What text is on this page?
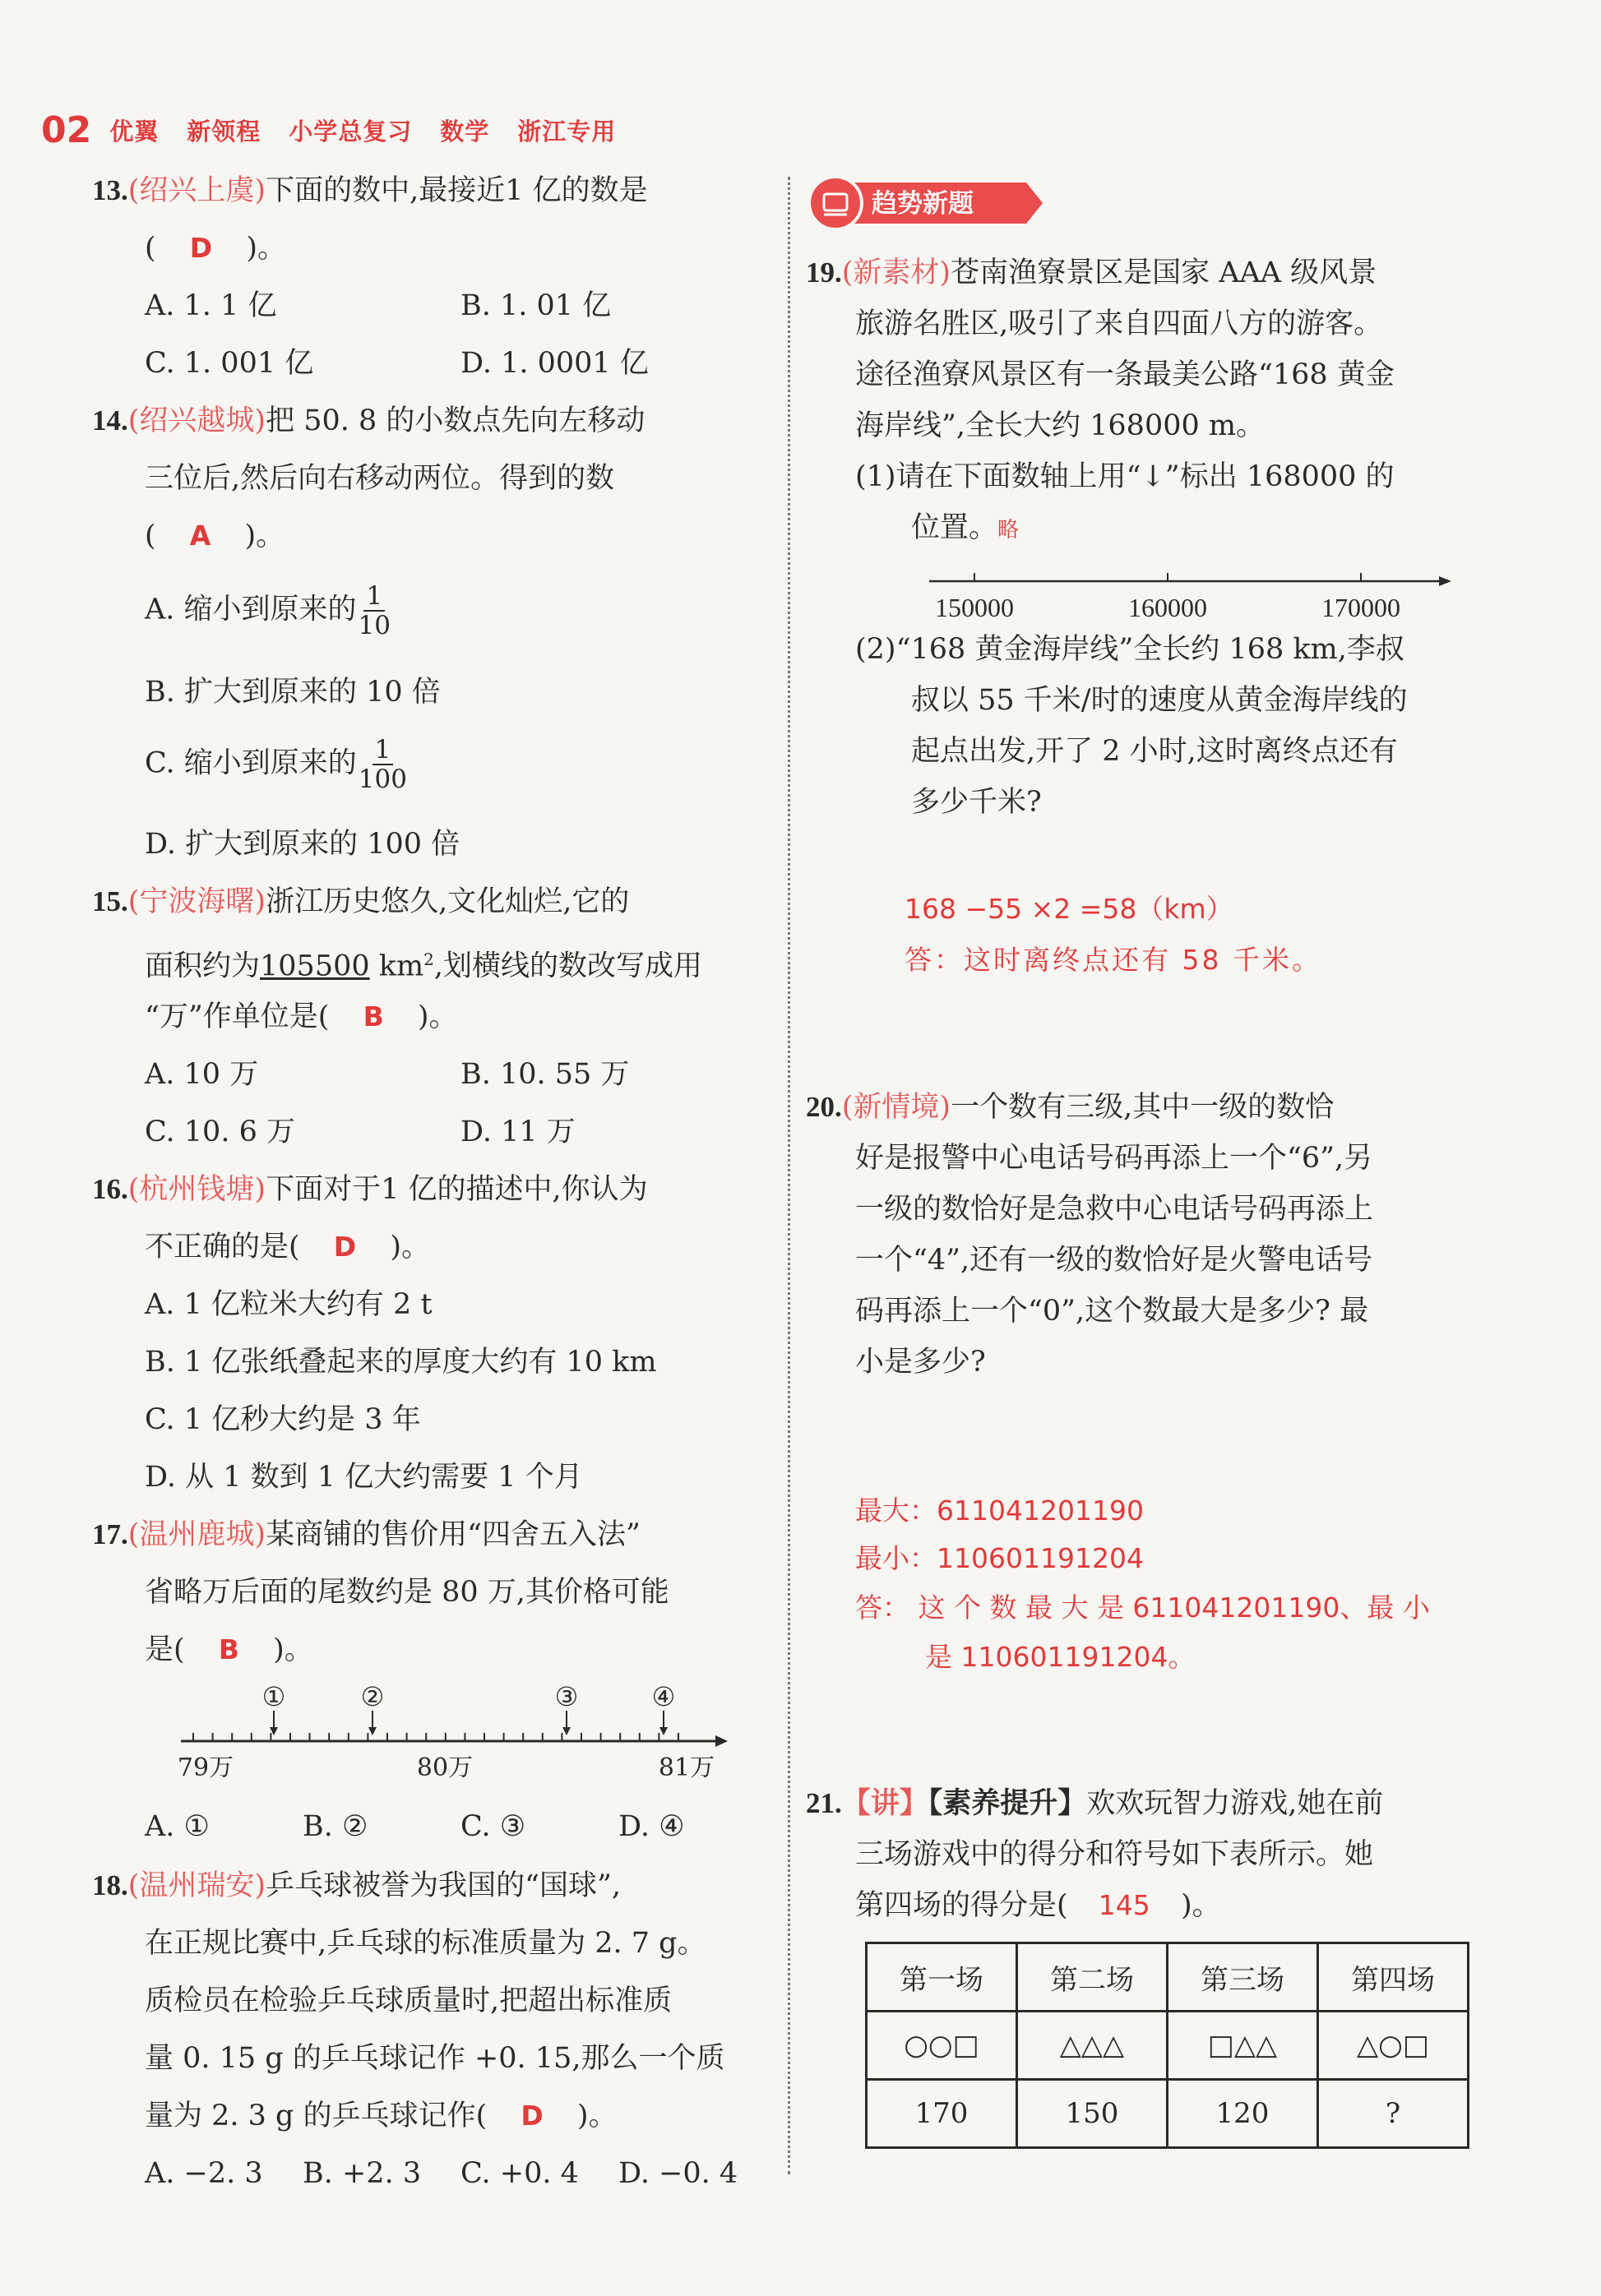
02 优翼 新领程 小学总复习 数学 浙江专用
13.(绍兴上虞)下面的数中,最接近1 亿的数是
( D )。
A. 1. 1 亿	B. 1. 01 亿
C. 1. 001 亿	D. 1. 0001 亿
14.(绍兴越城)把 50. 8 的小数点先向左移动
三位后,然后向右移动两位。得到的数
( A )。
A. 缩小到原来的 $\frac{1}{10}$
B. 扩大到原来的 10 倍
C. 缩小到原来的 $\frac{1}{100}$
D. 扩大到原来的 100 倍
15.(宁波海曙)浙江历史悠久,文化灿烂,它的
面积约为105500 $km^2$,划横线的数改写成用
“万”作单位是( B )。
A. 10 万	B. 10. 55 万
C. 10. 6 万	D. 11 万
16.(杭州钱塘)下面对于1 亿的描述中,你认为
不正确的是( D )。
A. 1 亿粒米大约有 2 t
B. 1 亿张纸叠起来的厚度大约有 10 km
C. 1 亿秒大约是 3 年
D. 从 1 数到 1 亿大约需要 1 个月
17.(温州鹿城)某商铺的售价用“四舍五入法”
省略万后面的尾数约是 80 万,其价格可能
是( B )。
①	②	③	④
79万	80万	81万
A. ①	B. ②	C. ③	D. ④
18.(温州瑞安)乒乓球被誉为我国的“国球”,
在正规比赛中,乒乓球的标准质量为 2. 7 g。
质检员在检验乒乓球质量时,把超出标准质
量 0. 15 g 的乒乓球记作 +0. 15,那么一个质
量为 2. 3 g 的乒乓球记作( D )。
A. −2. 3 B. +2. 3 C. +0. 4 D. −0. 4
趋势新题
19.(新素材)苍南渔寮景区是国家 AAA 级风景
旅游名胜区,吸引了来自四面八方的游客。
途径渔寮风景区有一条最美公路“168 黄金
海岸线”,全长大约 168000 m。
(1)请在下面数轴上用“↓”标出 168000 的
位置。略
150000	160000	170000
(2)“168 黄金海岸线”全长约 168 km,李叔
叔以 55 千米/时的速度从黄金海岸线的
起点出发,开了 2 小时,这时离终点还有
多少千米?
168 −55 ×2 =58（km）
答：这时离终点还有 58 千米。
20.(新情境)一个数有三级,其中一级的数恰
好是报警中心电话号码再添上一个“6”,另
一级的数恰好是急救中心电话号码再添上
一个“4”,还有一级的数恰好是火警电话号
码再添上一个“0”,这个数最大是多少? 最
小是多少?
最大：611041201190
最小：110601191204
答： 这 个 数 最 大 是 611041201190、最 小
是 110601191204。
21.【讲】【素养提升】欢欢玩智力游戏,她在前
三场游戏中的得分和符号如下表所示。她
第四场的得分是( 145 )。
第一场	第二场	第三场	第四场
○○□	△△△	□△△	△○□
170	150	120	?
